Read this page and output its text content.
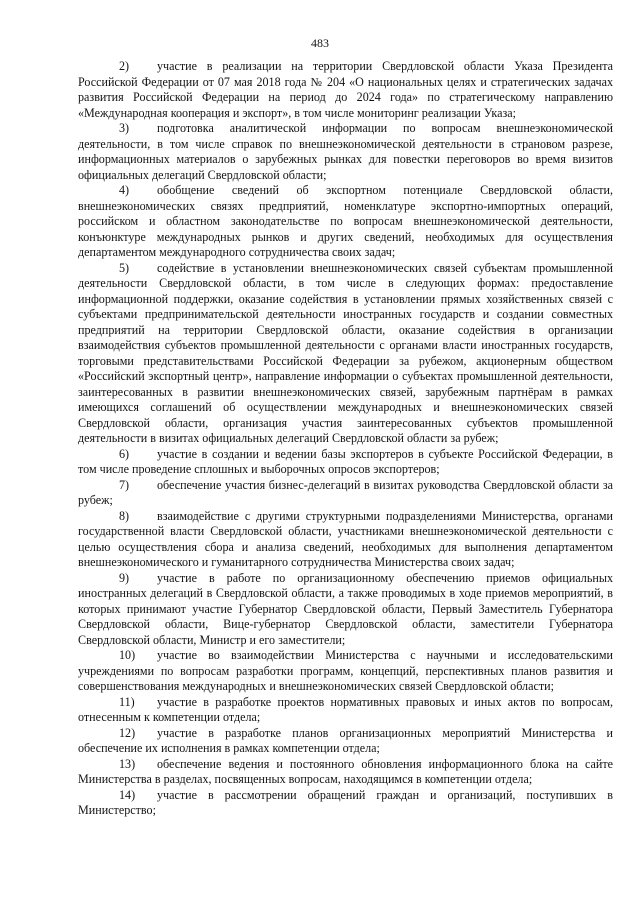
483

2) участие в реализации на территории Свердловской области Указа Президента Российской Федерации от 07 мая 2018 года № 204 «О национальных целях и стратегических задачах развития Российской Федерации на период до 2024 года» по стратегическому направлению «Международная кооперация и экспорт», в том числе мониторинг реализации Указа;

3) подготовка аналитической информации по вопросам внешнеэкономической деятельности, в том числе справок по внешнеэкономической деятельности в страновом разрезе, информационных материалов о зарубежных рынках для повестки переговоров во время визитов официальных делегаций Свердловской области;

4) обобщение сведений об экспортном потенциале Свердловской области, внешнеэкономических связях предприятий, номенклатуре экспортно-импортных операций, российском и областном законодательстве по вопросам внешнеэкономической деятельности, конъюнктуре международных рынков и других сведений, необходимых для осуществления департаментом международного сотрудничества своих задач;

5) содействие в установлении внешнеэкономических связей субъектам промышленной деятельности Свердловской области, в том числе в следующих формах: предоставление информационной поддержки, оказание содействия в установлении прямых хозяйственных связей с субъектами предпринимательской деятельности иностранных государств и создании совместных предприятий на территории Свердловской области, оказание содействия в организации взаимодействия субъектов промышленной деятельности с органами власти иностранных государств, торговыми представительствами Российской Федерации за рубежом, акционерным обществом «Российский экспортный центр», направление информации о субъектах промышленной деятельности, заинтересованных в развитии внешнеэкономических связей, зарубежным партнёрам в рамках имеющихся соглашений об осуществлении международных и внешнеэкономических связей Свердловской области, организация участия заинтересованных субъектов промышленной деятельности в визитах официальных делегаций Свердловской области за рубеж;

6) участие в создании и ведении базы экспортеров в субъекте Российской Федерации, в том числе проведение сплошных и выборочных опросов экспортеров;

7) обеспечение участия бизнес-делегаций в визитах руководства Свердловской области за рубеж;

8) взаимодействие с другими структурными подразделениями Министерства, органами государственной власти Свердловской области, участниками внешнеэкономической деятельности с целью осуществления сбора и анализа сведений, необходимых для выполнения департаментом внешнеэкономического и гуманитарного сотрудничества Министерства своих задач;

9) участие в работе по организационному обеспечению приемов официальных иностранных делегаций в Свердловской области, а также проводимых в ходе приемов мероприятий, в которых принимают участие Губернатор Свердловской области, Первый Заместитель Губернатора Свердловской области, Вице-губернатор Свердловской области, заместители Губернатора Свердловской области, Министр и его заместители;

10) участие во взаимодействии Министерства с научными и исследовательскими учреждениями по вопросам разработки программ, концепций, перспективных планов развития и совершенствования международных и внешнеэкономических связей Свердловской области;

11) участие в разработке проектов нормативных правовых и иных актов по вопросам, отнесенным к компетенции отдела;

12) участие в разработке планов организационных мероприятий Министерства и обеспечение их исполнения в рамках компетенции отдела;

13) обеспечение ведения и постоянного обновления информационного блока на сайте Министерства в разделах, посвященных вопросам, находящимся в компетенции отдела;

14) участие в рассмотрении обращений граждан и организаций, поступивших в Министерство;
